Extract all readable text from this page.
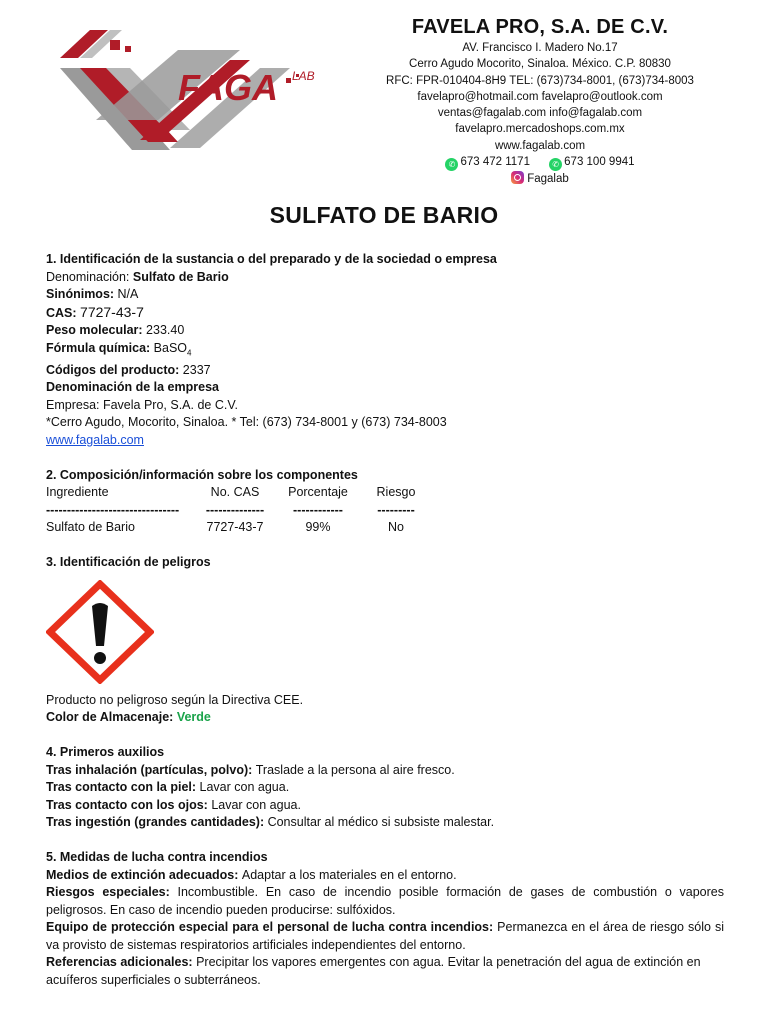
FAGA LAB
FAVELA PRO, S.A. DE C.V.
AV. Francisco I. Madero No.17
Cerro Agudo Mocorito, Sinaloa. México. C.P. 80830
RFC: FPR-010404-8H9 TEL: (673)734-8001, (673)734-8003
favelapro@hotmail.com favelapro@outlook.com
ventas@fagalab.com info@fagalab.com
favelapro.mercadoshops.com.mx
www.fagalab.com
✆ 673 472 1171	✆ 673 100 9941
Fagalab
SULFATO DE BARIO

1. Identificación de la sustancia o del preparado y de la sociedad o empresa

Denominación: Sulfato de Bario

Sinónimos: N/A

CAS: 7727-43-7

Peso molecular: 233.40

Fórmula química: BaSO$_4$

Códigos del producto: 2337

Denominación de la empresa

Empresa: Favela Pro, S.A. de C.V.

*Cerro Agudo, Mocorito, Sinaloa. * Tel: (673) 734-8001 y (673) 734-8003

www.fagalab.com

2. Composición/información sobre los componentes

Ingrediente	No. CAS	Porcentaje	Riesgo
--------------------------------	--------------	------------	---------
Sulfato de Bario	7727-43-7	99%	No

3. Identificación de peligros

Producto no peligroso según la Directiva CEE.

Color de Almacenaje: Verde

4. Primeros auxilios

Tras inhalación (partículas, polvo): Traslade a la persona al aire fresco.

Tras contacto con la piel: Lavar con agua.

Tras contacto con los ojos: Lavar con agua.

Tras ingestión (grandes cantidades): Consultar al médico si subsiste malestar.

5. Medidas de lucha contra incendios

Medios de extinción adecuados: Adaptar a los materiales en el entorno.

Riesgos especiales: Incombustible. En caso de incendio posible formación de gases de combustión o vapores peligrosos. En caso de incendio pueden producirse: sulfóxidos.

Equipo de protección especial para el personal de lucha contra incendios: Permanezca en el área de riesgo sólo si va provisto de sistemas respiratorios artificiales independientes del entorno.

Referencias adicionales: Precipitar los vapores emergentes con agua. Evitar la penetración del agua de extinción en acuíferos superficiales o subterráneos.
